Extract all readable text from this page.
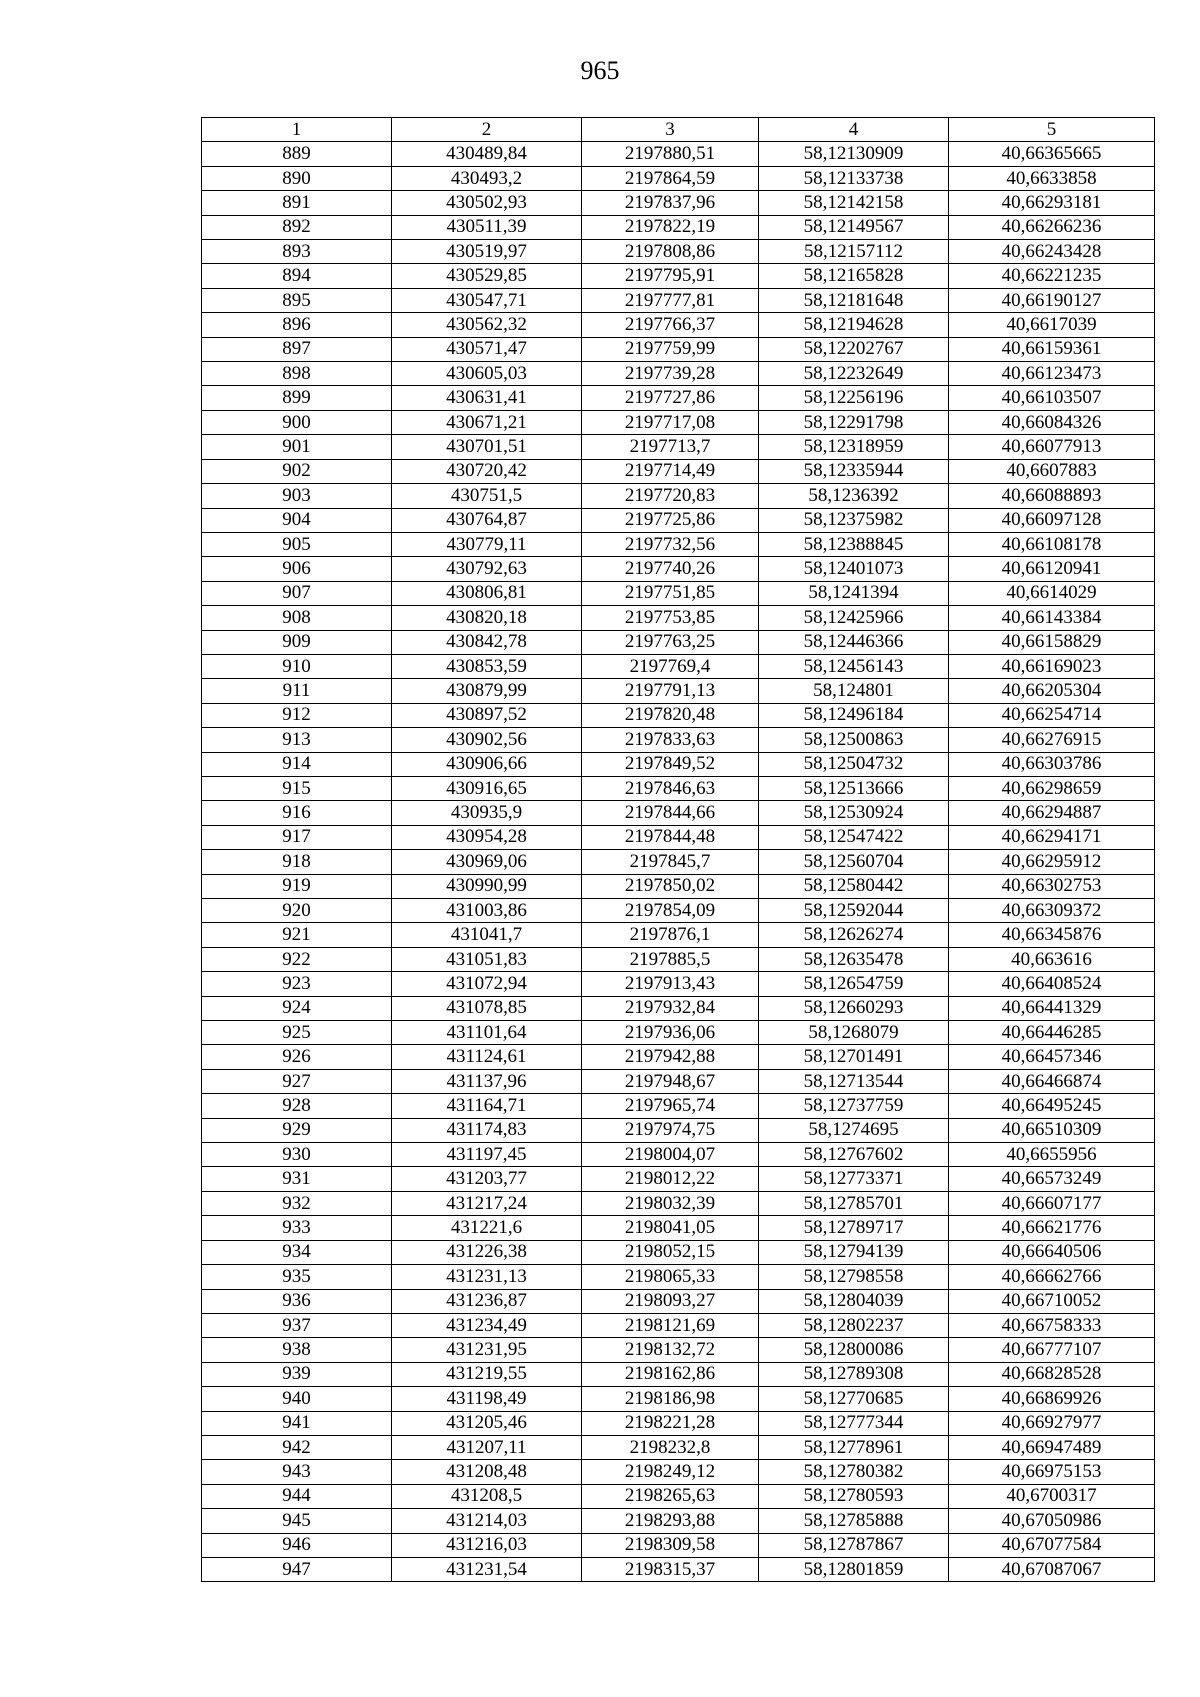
965
1	2	3	4	5
889	430489,84	2197880,51	58,12130909	40,66365665
890	430493,2	2197864,59	58,12133738	40,6633858
891	430502,93	2197837,96	58,12142158	40,66293181
892	430511,39	2197822,19	58,12149567	40,66266236
893	430519,97	2197808,86	58,12157112	40,66243428
894	430529,85	2197795,91	58,12165828	40,66221235
895	430547,71	2197777,81	58,12181648	40,66190127
896	430562,32	2197766,37	58,12194628	40,6617039
897	430571,47	2197759,99	58,12202767	40,66159361
898	430605,03	2197739,28	58,12232649	40,66123473
899	430631,41	2197727,86	58,12256196	40,66103507
900	430671,21	2197717,08	58,12291798	40,66084326
901	430701,51	2197713,7	58,12318959	40,66077913
902	430720,42	2197714,49	58,12335944	40,6607883
903	430751,5	2197720,83	58,1236392	40,66088893
904	430764,87	2197725,86	58,12375982	40,66097128
905	430779,11	2197732,56	58,12388845	40,66108178
906	430792,63	2197740,26	58,12401073	40,66120941
907	430806,81	2197751,85	58,1241394	40,6614029
908	430820,18	2197753,85	58,12425966	40,66143384
909	430842,78	2197763,25	58,12446366	40,66158829
910	430853,59	2197769,4	58,12456143	40,66169023
911	430879,99	2197791,13	58,124801	40,66205304
912	430897,52	2197820,48	58,12496184	40,66254714
913	430902,56	2197833,63	58,12500863	40,66276915
914	430906,66	2197849,52	58,12504732	40,66303786
915	430916,65	2197846,63	58,12513666	40,66298659
916	430935,9	2197844,66	58,12530924	40,66294887
917	430954,28	2197844,48	58,12547422	40,66294171
918	430969,06	2197845,7	58,12560704	40,66295912
919	430990,99	2197850,02	58,12580442	40,66302753
920	431003,86	2197854,09	58,12592044	40,66309372
921	431041,7	2197876,1	58,12626274	40,66345876
922	431051,83	2197885,5	58,12635478	40,663616
923	431072,94	2197913,43	58,12654759	40,66408524
924	431078,85	2197932,84	58,12660293	40,66441329
925	431101,64	2197936,06	58,1268079	40,66446285
926	431124,61	2197942,88	58,12701491	40,66457346
927	431137,96	2197948,67	58,12713544	40,66466874
928	431164,71	2197965,74	58,12737759	40,66495245
929	431174,83	2197974,75	58,1274695	40,66510309
930	431197,45	2198004,07	58,12767602	40,6655956
931	431203,77	2198012,22	58,12773371	40,66573249
932	431217,24	2198032,39	58,12785701	40,66607177
933	431221,6	2198041,05	58,12789717	40,66621776
934	431226,38	2198052,15	58,12794139	40,66640506
935	431231,13	2198065,33	58,12798558	40,66662766
936	431236,87	2198093,27	58,12804039	40,66710052
937	431234,49	2198121,69	58,12802237	40,66758333
938	431231,95	2198132,72	58,12800086	40,66777107
939	431219,55	2198162,86	58,12789308	40,66828528
940	431198,49	2198186,98	58,12770685	40,66869926
941	431205,46	2198221,28	58,12777344	40,66927977
942	431207,11	2198232,8	58,12778961	40,66947489
943	431208,48	2198249,12	58,12780382	40,66975153
944	431208,5	2198265,63	58,12780593	40,6700317
945	431214,03	2198293,88	58,12785888	40,67050986
946	431216,03	2198309,58	58,12787867	40,67077584
947	431231,54	2198315,37	58,12801859	40,67087067
